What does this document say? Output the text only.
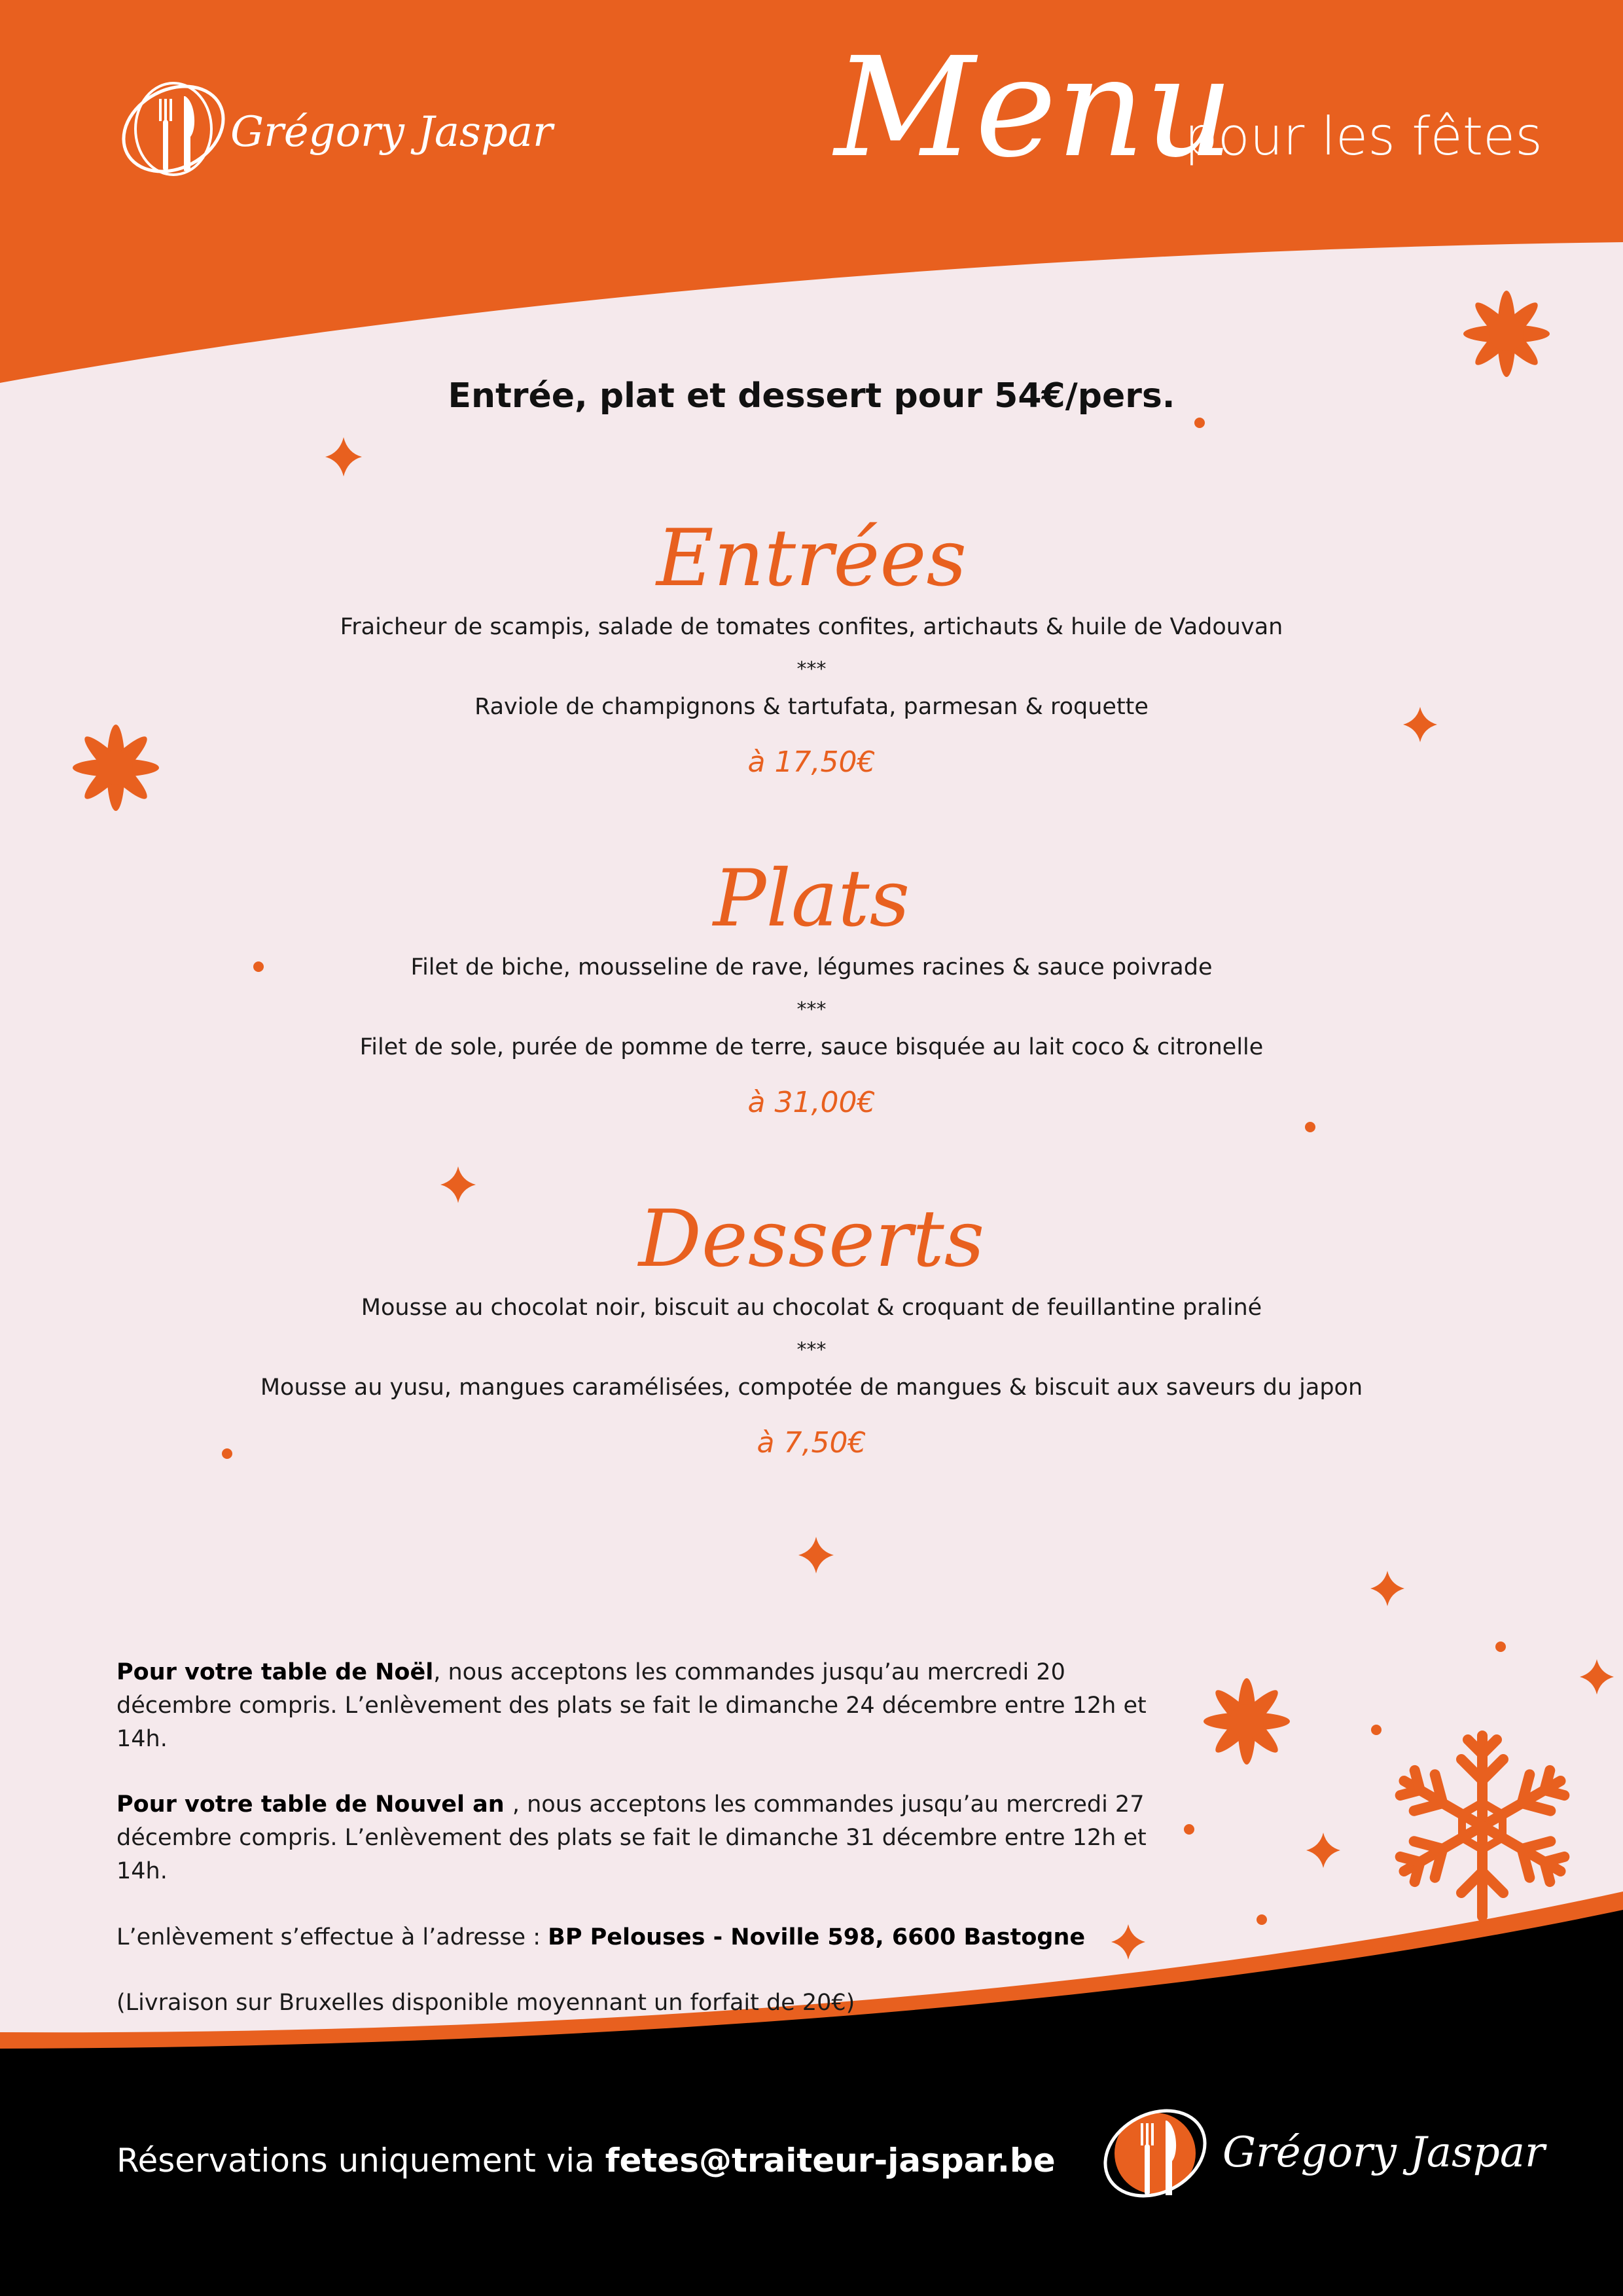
Grégory Jaspar Menu
pour les fêtes
Entrée, plat et dessert pour 54€/pers.
Entrées
Fraicheur de scampis, salade de tomates confites, artichauts & huile de Vadouvan
***
Raviole de champignons & tartufata, parmesan & roquette
à 17,50€
Plats
Filet de biche, mousseline de rave, légumes racines & sauce poivrade
***
Filet de sole, purée de pomme de terre, sauce bisquée au lait coco & citronelle
à 31,00€
Desserts
Mousse au chocolat noir, biscuit au chocolat & croquant de feuillantine praliné
***
Mousse au yusu, mangues caramélisées, compotée de mangues & biscuit aux saveurs du japon
à 7,50€

Pour votre table de Noël, nous acceptons les commandes jusqu’au mercredi 20 décembre compris. L’enlèvement des plats se fait le dimanche 24 décembre entre 12h et 14h.

Pour votre table de Nouvel an , nous acceptons les commandes jusqu’au mercredi 27 décembre compris. L’enlèvement des plats se fait le dimanche 31 décembre entre 12h et 14h.

L’enlèvement s’effectue à l’adresse : BP Pelouses - Noville 598, 6600 Bastogne

(Livraison sur Bruxelles disponible moyennant un forfait de 20€)

Réservations uniquement via fetes@traiteur-jaspar.be	Grégory Jaspar
